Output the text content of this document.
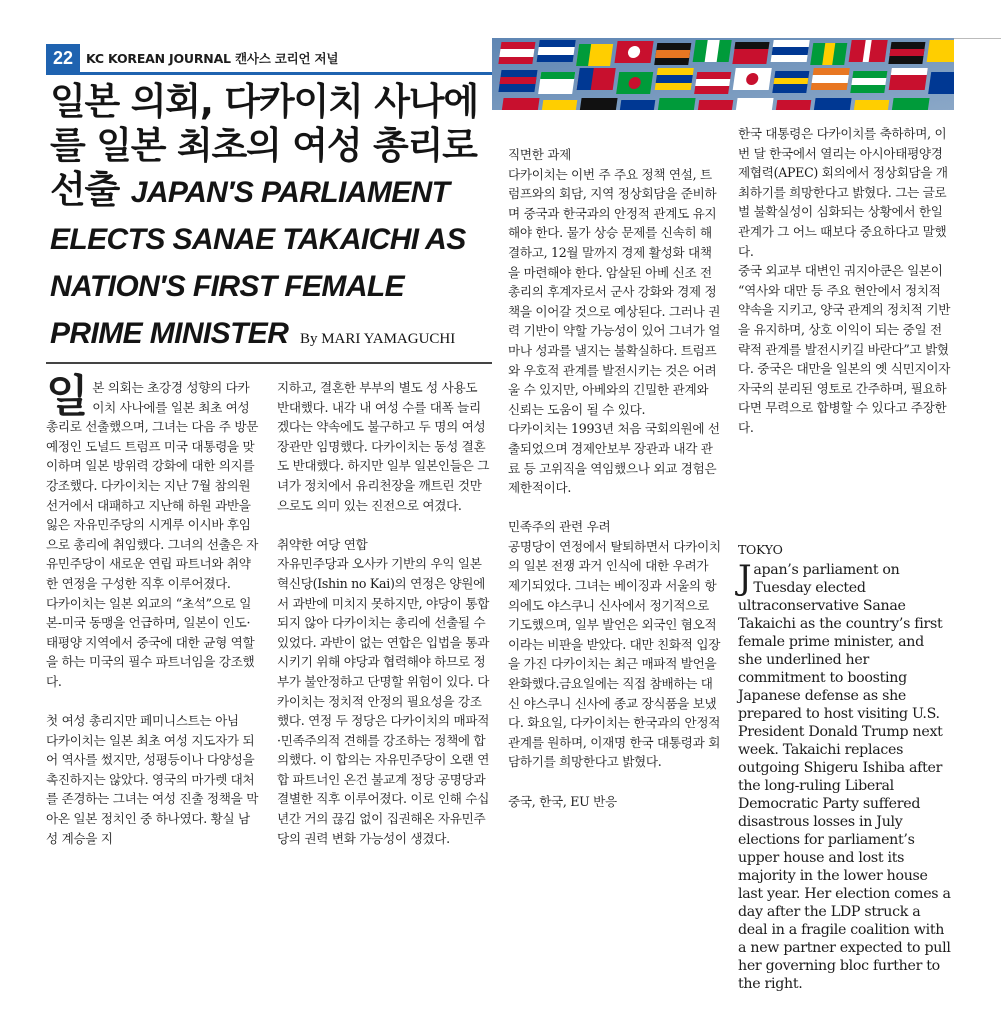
22	KC KOREAN JOURNAL 캔사스 코리언 저널
일본 의회, 다카이치 사나에를 일본 최초의 여성 총리로 선출 JAPAN′S PARLIAMENT ELECTS SANAE TAKAICHI AS NATION′S FIRST FEMALE PRIME MINISTER By MARI YAMAGUCHI

일본 의회는 초강경 성향의 다카이치 사나에를 일본 최초 여성 총리로 선출했으며, 그녀는 다음 주 방문 예정인 도널드 트럼프 미국 대통령을 맞이하며 일본 방위력 강화에 대한 의지를 강조했다. 다카이치는 지난 7월 참의원 선거에서 대패하고 지난해 하원 과반을 잃은 자유민주당의 시게루 이시바 후임으로 총리에 취임했다. 그녀의 선출은 자유민주당이 새로운 연립 파트너와 취약한 연정을 구성한 직후 이루어졌다.

다카이치는 일본 외교의 “초석”으로 일본-미국 동맹을 언급하며, 일본이 인도·태평양 지역에서 중국에 대한 균형 역할을 하는 미국의 필수 파트너임을 강조했다.

첫 여성 총리지만 페미니스트는 아님

다카이치는 일본 최초 여성 지도자가 되어 역사를 썼지만, 성평등이나 다양성을 촉진하지는 않았다. 영국의 마가렛 대처를 존경하는 그녀는 여성 진출 정책을 막아온 일본 정치인 중 하나였다. 황실 남성 계승을 지

지하고, 결혼한 부부의 별도 성 사용도 반대했다. 내각 내 여성 수를 대폭 늘리겠다는 약속에도 불구하고 두 명의 여성 장관만 임명했다. 다카이치는 동성 결혼도 반대했다. 하지만 일부 일본인들은 그녀가 정치에서 유리천장을 깨트린 것만으로도 의미 있는 진전으로 여겼다.

취약한 여당 연합

자유민주당과 오사카 기반의 우익 일본혁신당(Ishin no Kai)의 연정은 양원에서 과반에 미치지 못하지만, 야당이 통합되지 않아 다카이치는 총리에 선출될 수 있었다. 과반이 없는 연합은 입법을 통과시키기 위해 야당과 협력해야 하므로 정부가 불안정하고 단명할 위험이 있다. 다카이치는 정치적 안정의 필요성을 강조했다. 연정 두 정당은 다카이치의 매파적·민족주의적 견해를 강조하는 정책에 합의했다. 이 합의는 자유민주당이 오랜 연합 파트너인 온건 불교계 정당 공명당과 결별한 직후 이루어졌다. 이로 인해 수십 년간 거의 끊김 없이 집권해온 자유민주당의 권력 변화 가능성이 생겼다.

직면한 과제

다카이치는 이번 주 주요 정책 연설, 트럼프와의 회담, 지역 정상회담을 준비하며 중국과 한국과의 안정적 관계도 유지해야 한다. 물가 상승 문제를 신속히 해결하고, 12월 말까지 경제 활성화 대책을 마련해야 한다. 암살된 아베 신조 전 총리의 후계자로서 군사 강화와 경제 정책을 이어갈 것으로 예상된다. 그러나 권력 기반이 약할 가능성이 있어 그녀가 얼마나 성과를 낼지는 불확실하다. 트럼프와 우호적 관계를 발전시키는 것은 어려울 수 있지만, 아베와의 긴밀한 관계와 신뢰는 도움이 될 수 있다.

다카이치는 1993년 처음 국회의원에 선출되었으며 경제안보부 장관과 내각 관료 등 고위직을 역임했으나 외교 경험은 제한적이다.

민족주의 관련 우려

공명당이 연정에서 탈퇴하면서 다카이치의 일본 전쟁 과거 인식에 대한 우려가 제기되었다. 그녀는 베이징과 서울의 항의에도 야스쿠니 신사에서 정기적으로 기도했으며, 일부 발언은 외국인 혐오적이라는 비판을 받았다. 대만 친화적 입장을 가진 다카이치는 최근 매파적 발언을 완화했다.금요일에는 직접 참배하는 대신 야스쿠니 신사에 종교 장식품을 보냈다. 화요일, 다카이치는 한국과의 안정적 관계를 원하며, 이재명 한국 대통령과 회담하기를 희망한다고 밝혔다.

중국, 한국, EU 반응

한국 대통령은 다카이치를 축하하며, 이번 달 한국에서 열리는 아시아태평양경제협력(APEC) 회의에서 정상회담을 개최하기를 희망한다고 밝혔다. 그는 글로벌 불확실성이 심화되는 상황에서 한일 관계가 그 어느 때보다 중요하다고 말했다.

중국 외교부 대변인 궈지아쿤은 일본이 “역사와 대만 등 주요 현안에서 정치적 약속을 지키고, 양국 관계의 정치적 기반을 유지하며, 상호 이익이 되는 중일 전략적 관계를 발전시키길 바란다”고 밝혔다. 중국은 대만을 일본의 옛 식민지이자 자국의 분리된 영토로 간주하며, 필요하다면 무력으로 합병할 수 있다고 주장한다.

TOKYO

Japan’s parliament on Tuesday elected ultraconservative Sanae Takaichi as the country’s first female prime minister, and she underlined her commitment to boosting Japanese defense as she prepared to host visiting U.S. President Donald Trump next week. Takaichi replaces outgoing Shigeru Ishiba after the long-ruling Liberal Democratic Party suffered disastrous losses in July elections for parliament’s upper house and lost its majority in the lower house last year. Her election comes a day after the LDP struck a deal in a fragile coalition with a new partner expected to pull her governing bloc further to the right.
